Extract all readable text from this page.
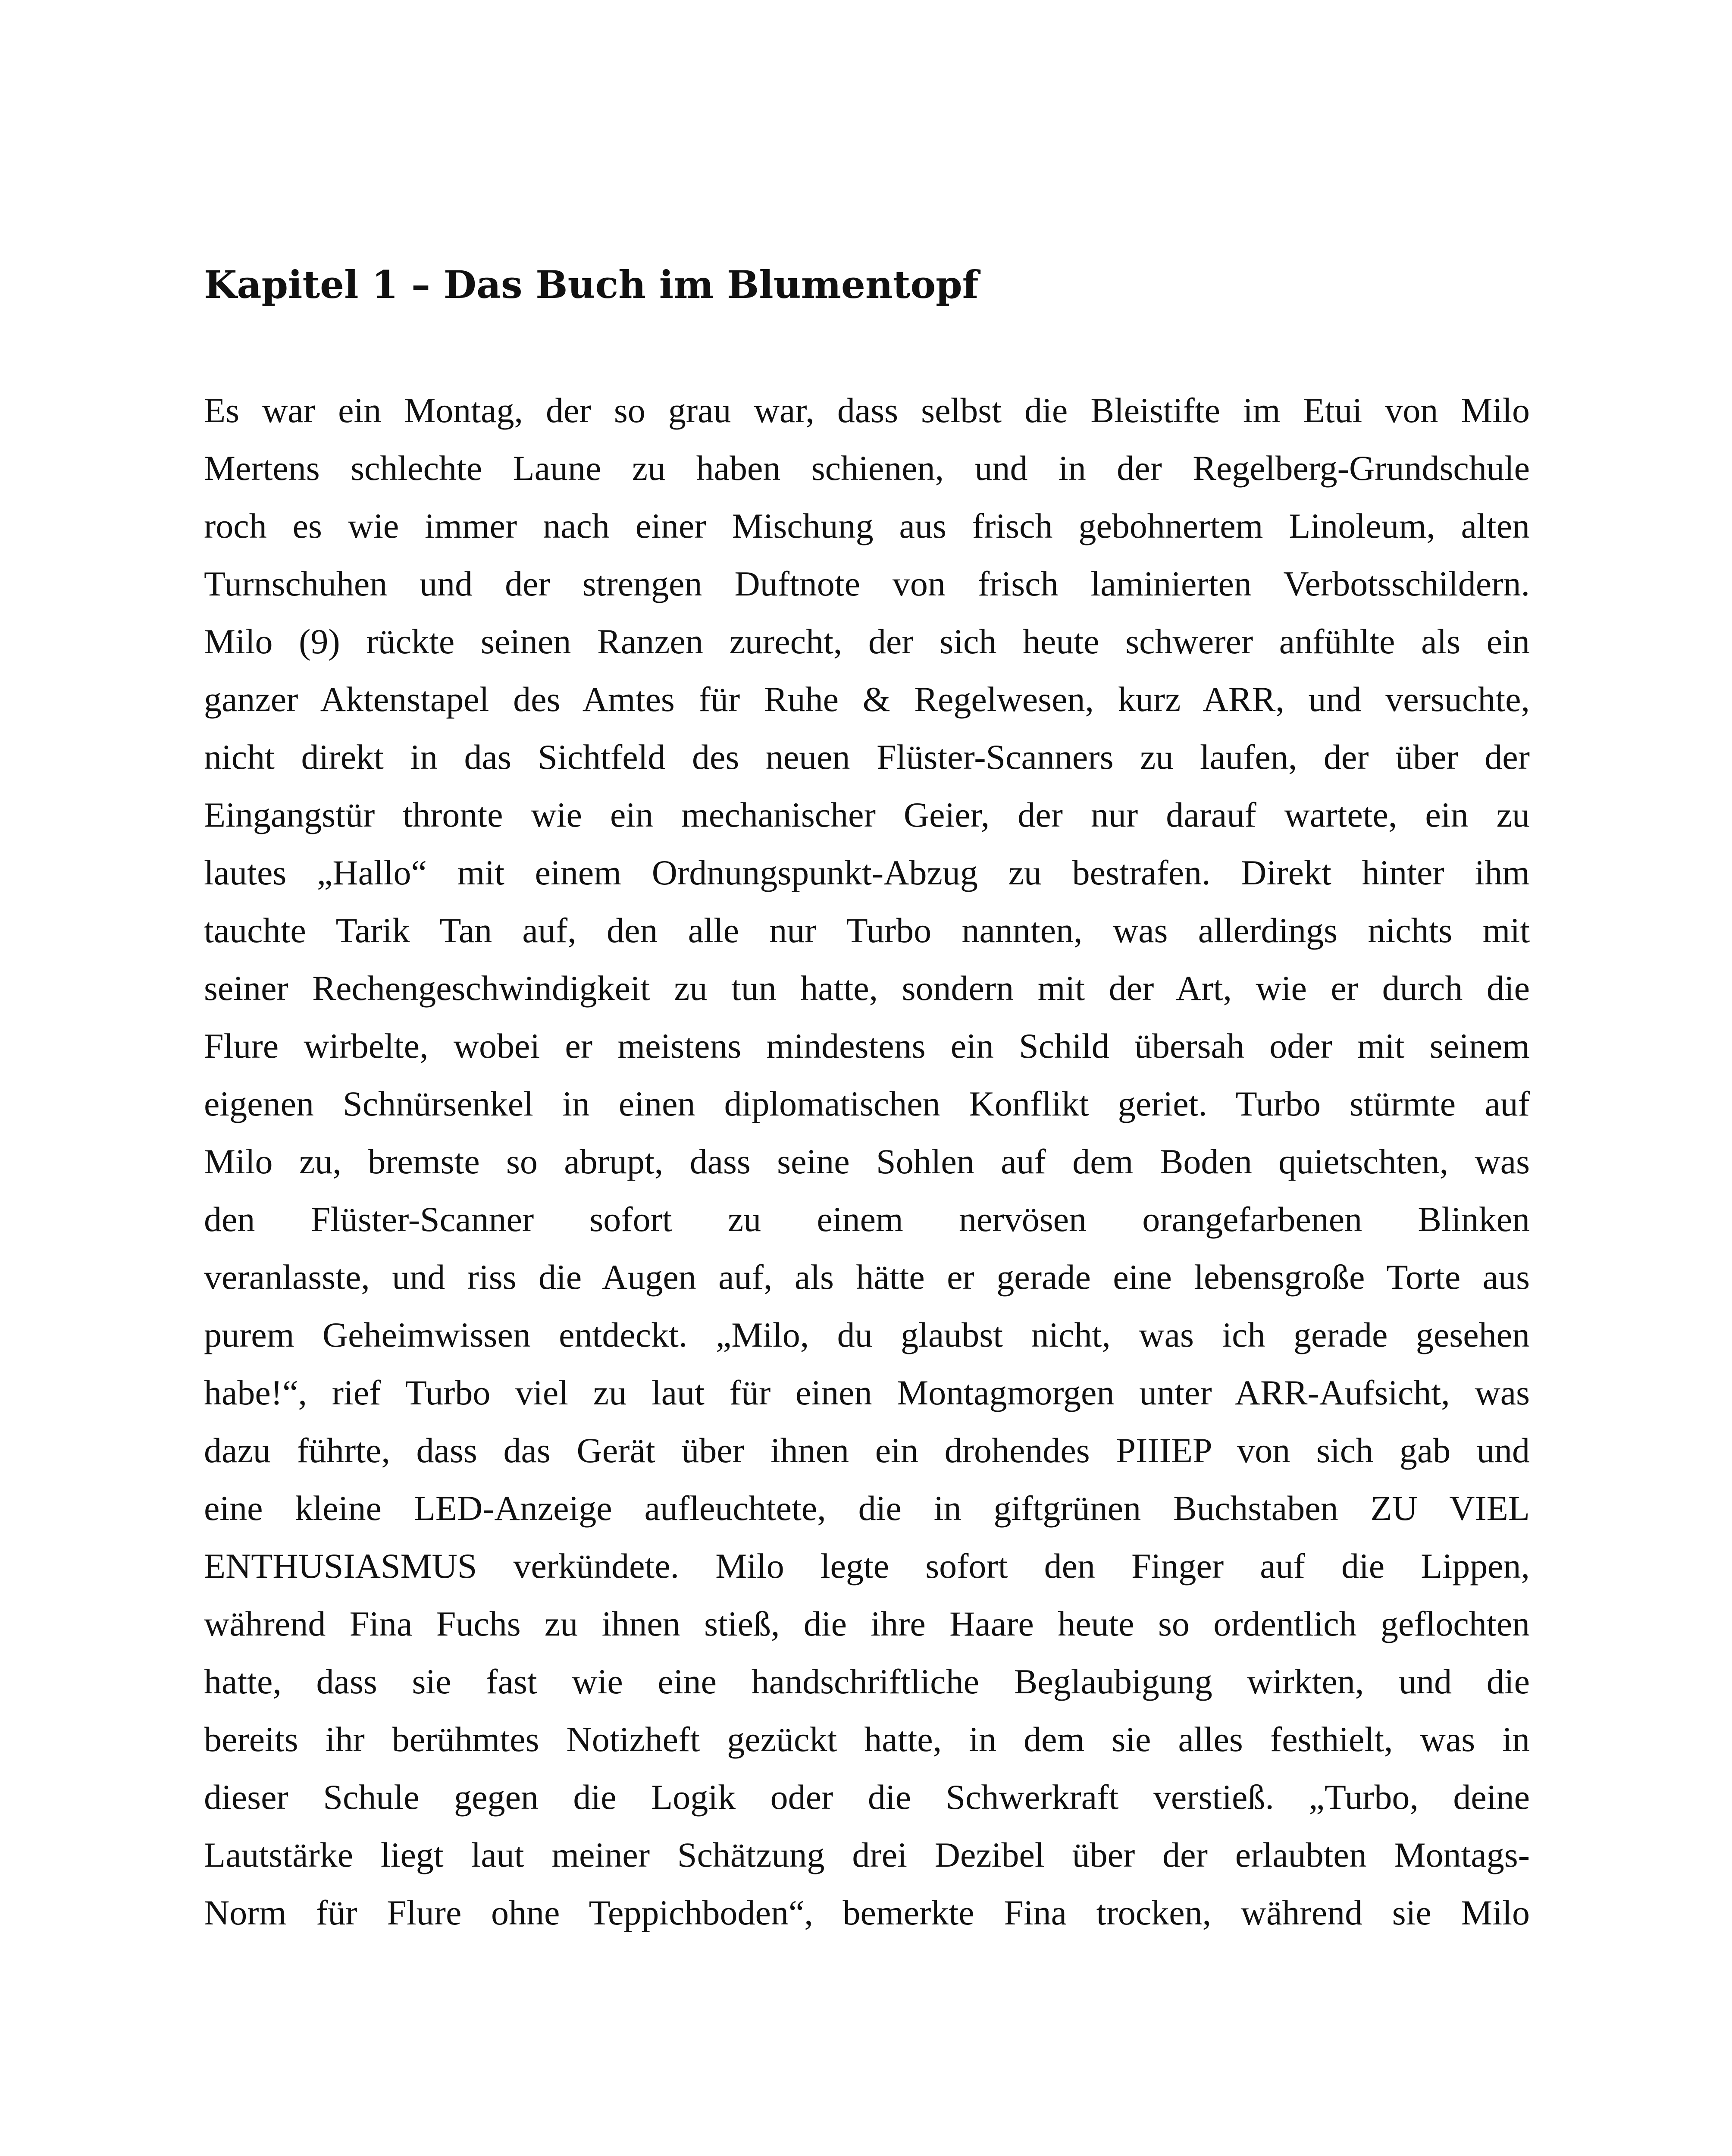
Kapitel 1 – Das Buch im Blumentopf
Es war ein Montag, der so grau war, dass selbst die Bleistifte im Etui von Milo
Mertens schlechte Laune zu haben schienen, und in der Regelberg-Grundschule
roch es wie immer nach einer Mischung aus frisch gebohnertem Linoleum, alten
Turnschuhen und der strengen Duftnote von frisch laminierten Verbotsschildern.
Milo (9) rückte seinen Ranzen zurecht, der sich heute schwerer anfühlte als ein
ganzer Aktenstapel des Amtes für Ruhe & Regelwesen, kurz ARR, und versuchte,
nicht direkt in das Sichtfeld des neuen Flüster-Scanners zu laufen, der über der
Eingangstür thronte wie ein mechanischer Geier, der nur darauf wartete, ein zu
lautes „Hallo“ mit einem Ordnungspunkt-Abzug zu bestrafen. Direkt hinter ihm
tauchte Tarik Tan auf, den alle nur Turbo nannten, was allerdings nichts mit
seiner Rechengeschwindigkeit zu tun hatte, sondern mit der Art, wie er durch die
Flure wirbelte, wobei er meistens mindestens ein Schild übersah oder mit seinem
eigenen Schnürsenkel in einen diplomatischen Konflikt geriet. Turbo stürmte auf
Milo zu, bremste so abrupt, dass seine Sohlen auf dem Boden quietschten, was
den Flüster-Scanner sofort zu einem nervösen orangefarbenen Blinken
veranlasste, und riss die Augen auf, als hätte er gerade eine lebensgroße Torte aus
purem Geheimwissen entdeckt. „Milo, du glaubst nicht, was ich gerade gesehen
habe!“, rief Turbo viel zu laut für einen Montagmorgen unter ARR-Aufsicht, was
dazu führte, dass das Gerät über ihnen ein drohendes PIIIEP von sich gab und
eine kleine LED-Anzeige aufleuchtete, die in giftgrünen Buchstaben ZU VIEL
ENTHUSIASMUS verkündete. Milo legte sofort den Finger auf die Lippen,
während Fina Fuchs zu ihnen stieß, die ihre Haare heute so ordentlich geflochten
hatte, dass sie fast wie eine handschriftliche Beglaubigung wirkten, und die
bereits ihr berühmtes Notizheft gezückt hatte, in dem sie alles festhielt, was in
dieser Schule gegen die Logik oder die Schwerkraft verstieß. „Turbo, deine
Lautstärke liegt laut meiner Schätzung drei Dezibel über der erlaubten Montags-
Norm für Flure ohne Teppichboden“, bemerkte Fina trocken, während sie Milo
